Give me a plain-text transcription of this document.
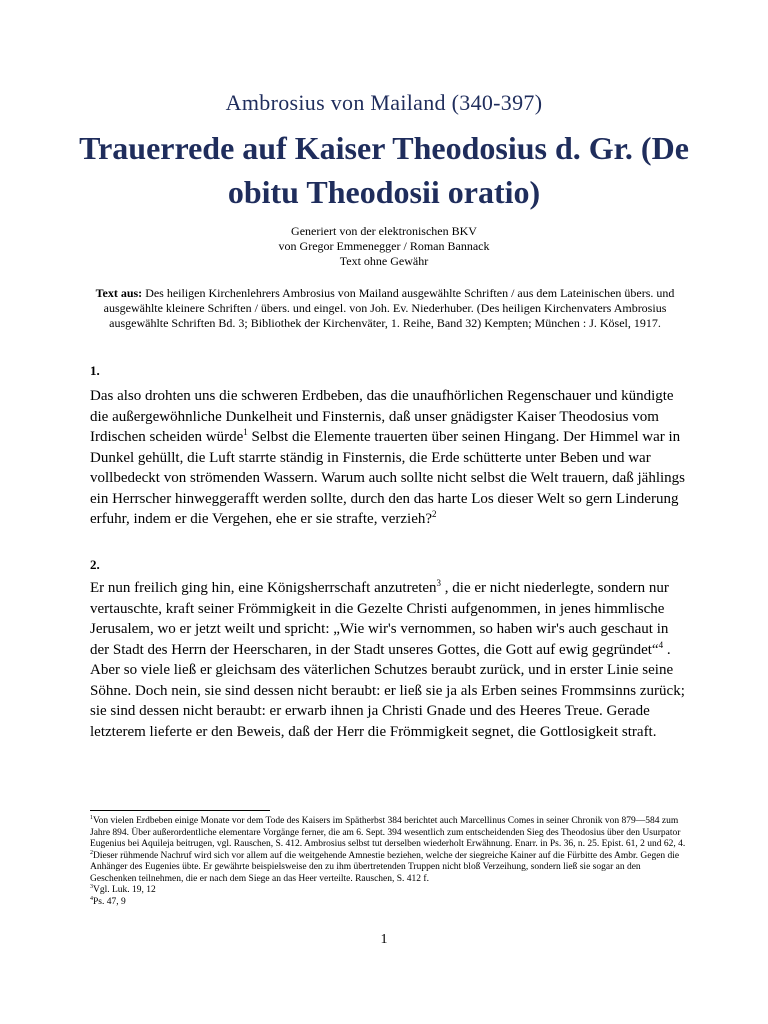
Ambrosius von Mailand (340-397)
Trauerrede auf Kaiser Theodosius d. Gr. (De obitu Theodosii oratio)
Generiert von der elektronischen BKV
von Gregor Emmenegger / Roman Bannack
Text ohne Gewähr
Text aus: Des heiligen Kirchenlehrers Ambrosius von Mailand ausgewählte Schriften / aus dem Lateinischen übers. und ausgewählte kleinere Schriften / übers. und eingel. von Joh. Ev. Niederhuber. (Des heiligen Kirchenvaters Ambrosius ausgewählte Schriften Bd. 3; Bibliothek der Kirchenväter, 1. Reihe, Band 32) Kempten; München : J. Kösel, 1917.
1.
Das also drohten uns die schweren Erdbeben, das die unaufhörlichen Regenschauer und kündigte die außergewöhnliche Dunkelheit und Finsternis, daß unser gnädigster Kaiser Theodosius vom Irdischen scheiden würde$^1$ Selbst die Elemente trauerten über seinen Hingang. Der Himmel war in Dunkel gehüllt, die Luft starrte ständig in Finsternis, die Erde schütterte unter Beben und war vollbedeckt von strömenden Wassern. Warum auch sollte nicht selbst die Welt trauern, daß jählings ein Herrscher hinweggerafft werden sollte, durch den das harte Los dieser Welt so gern Linderung erfuhr, indem er die Vergehen, ehe er sie strafte, verzieh?$^2$
2.
Er nun freilich ging hin, eine Königsherrschaft anzutreten$^3$ , die er nicht niederlegte, sondern nur vertauschte, kraft seiner Frömmigkeit in die Gezelte Christi aufgenommen, in jenes himmlische Jerusalem, wo er jetzt weilt und spricht: „Wie wir's vernommen, so haben wir's auch geschaut in der Stadt des Herrn der Heerscharen, in der Stadt unseres Gottes, die Gott auf ewig gegründet“$^4$ . Aber so viele ließ er gleichsam des väterlichen Schutzes beraubt zurück, und in erster Linie seine Söhne. Doch nein, sie sind dessen nicht beraubt: er ließ sie ja als Erben seines Frommsinns zurück; sie sind dessen nicht beraubt: er erwarb ihnen ja Christi Gnade und des Heeres Treue. Gerade letzterem lieferte er den Beweis, daß der Herr die Frömmigkeit segnet, die Gottlosigkeit straft.

$^1$Von vielen Erdbeben einige Monate vor dem Tode des Kaisers im Spätherbst 384 berichtet auch Marcellinus Comes in seiner Chronik von 879—584 zum Jahre 894. Über außerordentliche elementare Vorgänge ferner, die am 6. Sept. 394 wesentlich zum entscheidenden Sieg des Theodosius über den Usurpator Eugenius bei Aquileja beitrugen, vgl. Rauschen, S. 412. Ambrosius selbst tut derselben wiederholt Erwähnung. Enarr. in Ps. 36, n. 25. Epist. 61, 2 und 62, 4.

$^2$Dieser rühmende Nachruf wird sich vor allem auf die weitgehende Amnestie beziehen, welche der siegreiche Kainer auf die Fürbitte des Ambr. Gegen die Anhänger des Eugenies übte. Er gewährte beispielsweise den zu ihm übertretenden Truppen nicht bloß Verzeihung, sondern ließ sie sogar an den Geschenken teilnehmen, die er nach dem Siege an das Heer verteilte. Rauschen, S. 412 f.

$^3$Vgl. Luk. 19, 12

$^4$Ps. 47, 9

1
